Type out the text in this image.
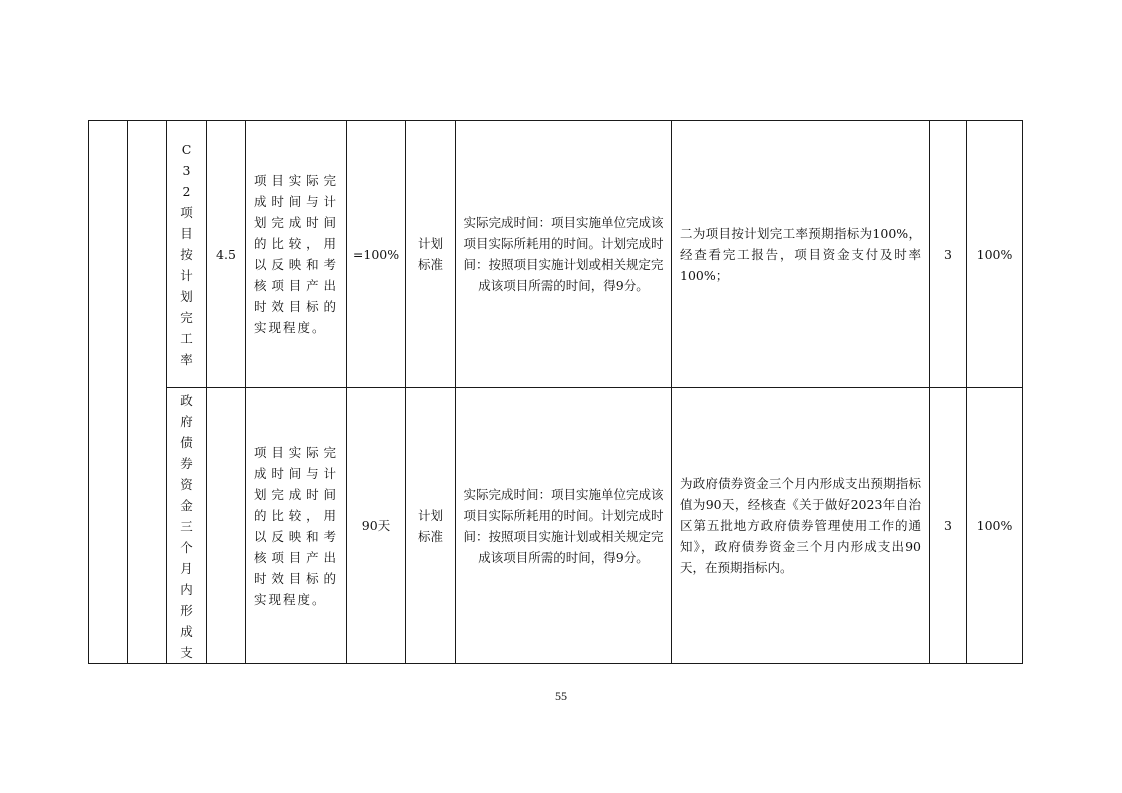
		C32项目按计划完工率	4.5	项目实际完成时间与计划完成时间的比较，用以反映和考核项目产出时效目标的实现程度。	=100%	计划标准	实际完成时间：项目实施单位完成该项目实际所耗用的时间。计划完成时间：按照项目实施计划或相关规定完成该项目所需的时间，得9分。	二为项目按计划完工率预期指标为100%，经查看完工报告，项目资金支付及时率100%；	3	100%

		政府债券资金三个月内形成支		项目实际完成时间与计划完成时间的比较，用以反映和考核项目产出时效目标的实现程度。	90天	计划标准	实际完成时间：项目实施单位完成该项目实际所耗用的时间。计划完成时间：按照项目实施计划或相关规定完成该项目所需的时间，得9分。	为政府债券资金三个月内形成支出预期指标值为90天，经核查《关于做好2023年自治区第五批地方政府债券管理使用工作的通知》，政府债券资金三个月内形成支出90天，在预期指标内。	3	100%
55
